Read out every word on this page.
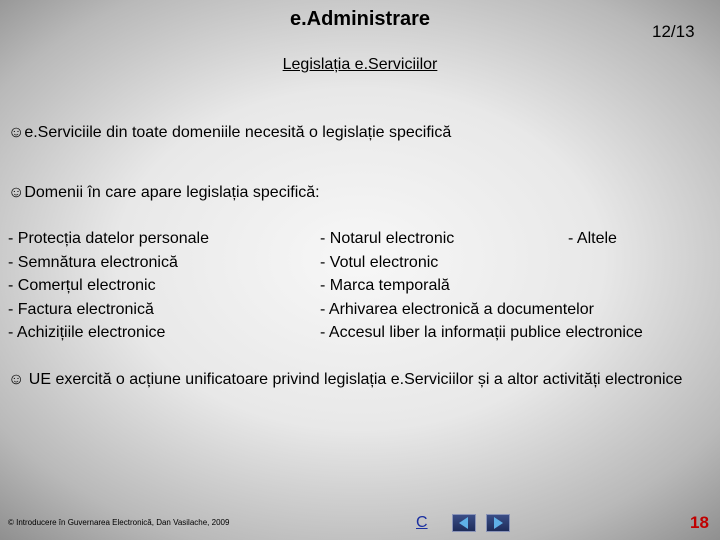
e.Administrare
12/13
Legislația e.Serviciilor
☺e.Serviciile din toate domeniile necesită o legislație specifică
☺Domenii în care apare legislația specifică:
- Protecția datelor personale
- Semnătura electronică
- Comerțul electronic
- Factura electronică
- Achizițiile electronice
- Notarul electronic
- Votul electronic
- Marca temporală
- Arhivarea electronică a documentelor
- Accesul liber la informații publice electronice
- Altele
☺ UE exercită o acțiune unificatoare privind legislația e.Serviciilor și a altor activități electronice
© Introducere în Guvernarea Electronică, Dan Vasilache, 2009	C	18
